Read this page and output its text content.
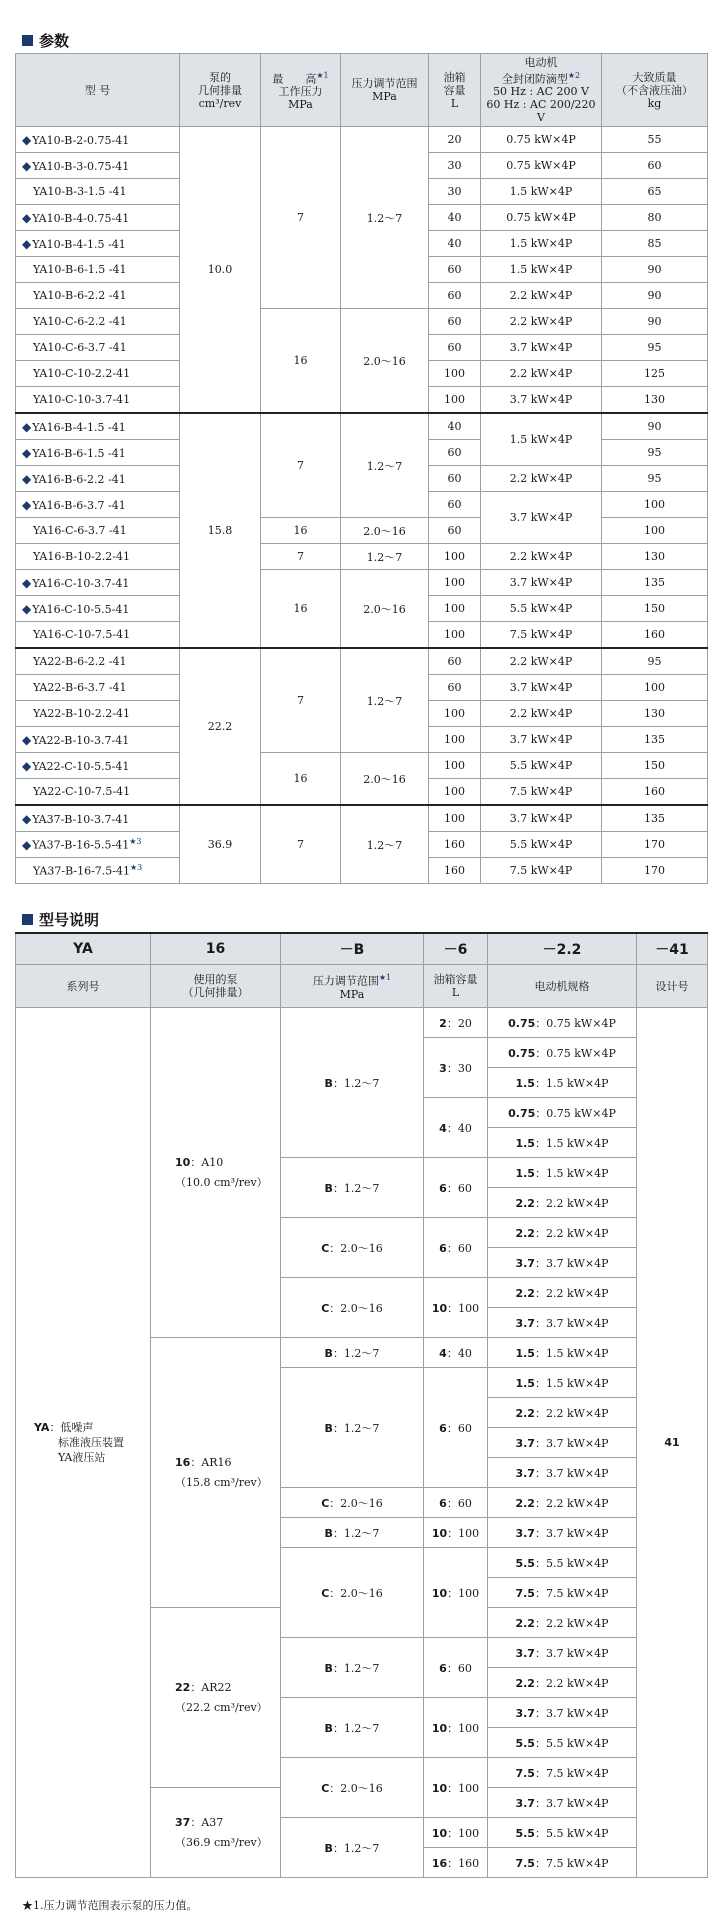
参数
型 号	泵的
几何排量
cm³/rev	最　　高$^{★1}$
工作压力
MPa	压力调节范围
MPa	油箱
容量
L	电动机
全封闭防滴型$^{★2}$
50 Hz : AC 200 V
60 Hz : AC 200/220 V	大致质量
（不含液压油）
kg
◆YA10-B-2-0.75-41	10.0	7	1.2～7	20	0.75 kW×4P	55
◆YA10-B-3-0.75-41				30	0.75 kW×4P	60
YA10-B-3-1.5 -41				30	1.5 kW×4P	65
◆YA10-B-4-0.75-41				40	0.75 kW×4P	80
◆YA10-B-4-1.5 -41				40	1.5 kW×4P	85
YA10-B-6-1.5 -41				60	1.5 kW×4P	90
YA10-B-6-2.2 -41				60	2.2 kW×4P	90
YA10-C-6-2.2 -41		16	2.0～16	60	2.2 kW×4P	90
YA10-C-6-3.7 -41				60	3.7 kW×4P	95
YA10-C-10-2.2-41				100	2.2 kW×4P	125
YA10-C-10-3.7-41				100	3.7 kW×4P	130
◆YA16-B-4-1.5 -41	15.8	7	1.2～7	40	1.5 kW×4P	90
◆YA16-B-6-1.5 -41				60		95
◆YA16-B-6-2.2 -41				60	2.2 kW×4P	95
◆YA16-B-6-3.7 -41				60	3.7 kW×4P	100
YA16-C-6-3.7 -41		16	2.0～16	60		100
YA16-B-10-2.2-41		7	1.2～7	100	2.2 kW×4P	130
◆YA16-C-10-3.7-41		16	2.0～16	100	3.7 kW×4P	135
◆YA16-C-10-5.5-41				100	5.5 kW×4P	150
YA16-C-10-7.5-41				100	7.5 kW×4P	160
YA22-B-6-2.2 -41	22.2	7	1.2～7	60	2.2 kW×4P	95
YA22-B-6-3.7 -41				60	3.7 kW×4P	100
YA22-B-10-2.2-41				100	2.2 kW×4P	130
◆YA22-B-10-3.7-41				100	3.7 kW×4P	135
◆YA22-C-10-5.5-41		16	2.0～16	100	5.5 kW×4P	150
YA22-C-10-7.5-41				100	7.5 kW×4P	160
◆YA37-B-10-3.7-41	36.9	7	1.2～7	100	3.7 kW×4P	135
$◆YA37-B-16-5.5-41^{★3}$				160	5.5 kW×4P	170
$YA37-B-16-7.5-41^{★3}$				160	7.5 kW×4P	170
型号说明
YA	16	－B	－6	－2.2	－41
系列号	使用的泵
（几何排量）	压力调节范围$^{★1}$
MPa	油箱容量
L	电动机规格	设计号
YA：低噪声
标准液压装置
YA液压站	10：A10
（10.0 cm³/rev）	B：1.2～7	2：20	0.75：0.75 kW×4P	41
			3：30	0.75：0.75 kW×4P	
				1.5：1.5 kW×4P	
			4：40	0.75：0.75 kW×4P	
				1.5：1.5 kW×4P	
		B：1.2～7	6：60	1.5：1.5 kW×4P	
				2.2：2.2 kW×4P	
		C：2.0～16	6：60	2.2：2.2 kW×4P	
				3.7：3.7 kW×4P	
		C：2.0～16	10：100	2.2：2.2 kW×4P	
				3.7：3.7 kW×4P	
	16：AR16
（15.8 cm³/rev）	B：1.2～7	4：40	1.5：1.5 kW×4P	
		B：1.2～7	6：60	1.5：1.5 kW×4P	
				2.2：2.2 kW×4P	
				3.7：3.7 kW×4P	
				3.7：3.7 kW×4P	
		C：2.0～16	6：60	2.2：2.2 kW×4P	
		B：1.2～7	10：100	3.7：3.7 kW×4P	
		C：2.0～16	10：100	5.5：5.5 kW×4P	
				7.5：7.5 kW×4P	
	22：AR22
（22.2 cm³/rev）			2.2：2.2 kW×4P	
		B：1.2～7	6：60	3.7：3.7 kW×4P	
				2.2：2.2 kW×4P	
		B：1.2～7	10：100	3.7：3.7 kW×4P	
				5.5：5.5 kW×4P	
		C：2.0～16	10：100	7.5：7.5 kW×4P	
	37：A37
（36.9 cm³/rev）			3.7：3.7 kW×4P	
		B：1.2～7	10：100	5.5：5.5 kW×4P	
			16：160	7.5：7.5 kW×4P	
★1.压力调节范围表示泵的压力值。
